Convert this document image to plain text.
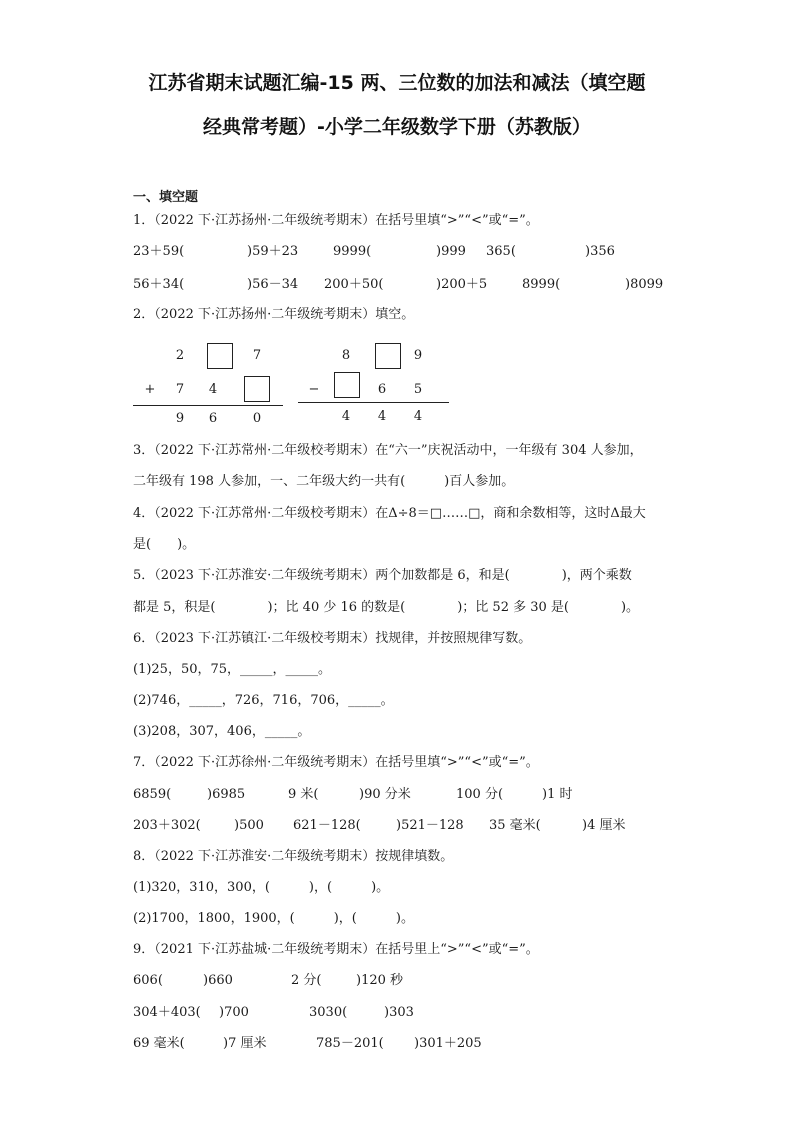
江苏省期末试题汇编-15 两、三位数的加法和减法（填空题
经典常考题）-小学二年级数学下册（苏教版）
一、填空题
1．（2022 下·江苏扬州·二年级统考期末）在括号里填“>”“<”或“=”。
23＋59(	)59＋23	9999(	)999 365(	)356
56＋34(	)56－34 200＋50(	)200＋5	8999(	)8099
2．（2022 下·江苏扬州·二年级统考期末）填空。
2	7
+ 7 4
9 6	0
8	9
−	6 5
4 4 4
3．（2022 下·江苏常州·二年级校考期末）在“六一”庆祝活动中，一年级有 304 人参加，
二年级有 198 人参加，一、二年级大约一共有(　　　)百人参加。
4．（2022 下·江苏常州·二年级校考期末）在Δ÷8＝□……□，商和余数相等，这时Δ最大
是(　　)。
5．（2023 下·江苏淮安·二年级统考期末）两个加数都是 6，和是(　　　　)，两个乘数
都是 5，积是(　　　　)；比 40 少 16 的数是(　　　　)；比 52 多 30 是(　　　　)。
6．（2023 下·江苏镇江·二年级校考期末）找规律，并按照规律写数。
(1)25，50，75，_____，_____。
(2)746，_____，726，716，706，_____。
(3)208，307，406，_____。
7．（2022 下·江苏徐州·二年级统考期末）在括号里填“>”“<”或“=”。
6859(	)6985	9 米(	)90 分米	100 分(	)1 时
203＋302(	)500 621－128(	)521－128 35 毫米(	)4 厘米
8．（2022 下·江苏淮安·二年级统考期末）按规律填数。
(1)320，310，300，(　　　)，(　　　)。
(2)1700，1800，1900，(　　　)，(　　　)。
9．（2021 下·江苏盐城·二年级统考期末）在括号里上“>”“<”或“=”。
606(	)660	2 分(	)120 秒
304＋403( )700	3030(	)303
69 毫米(	)7 厘米	785－201( )301＋205
